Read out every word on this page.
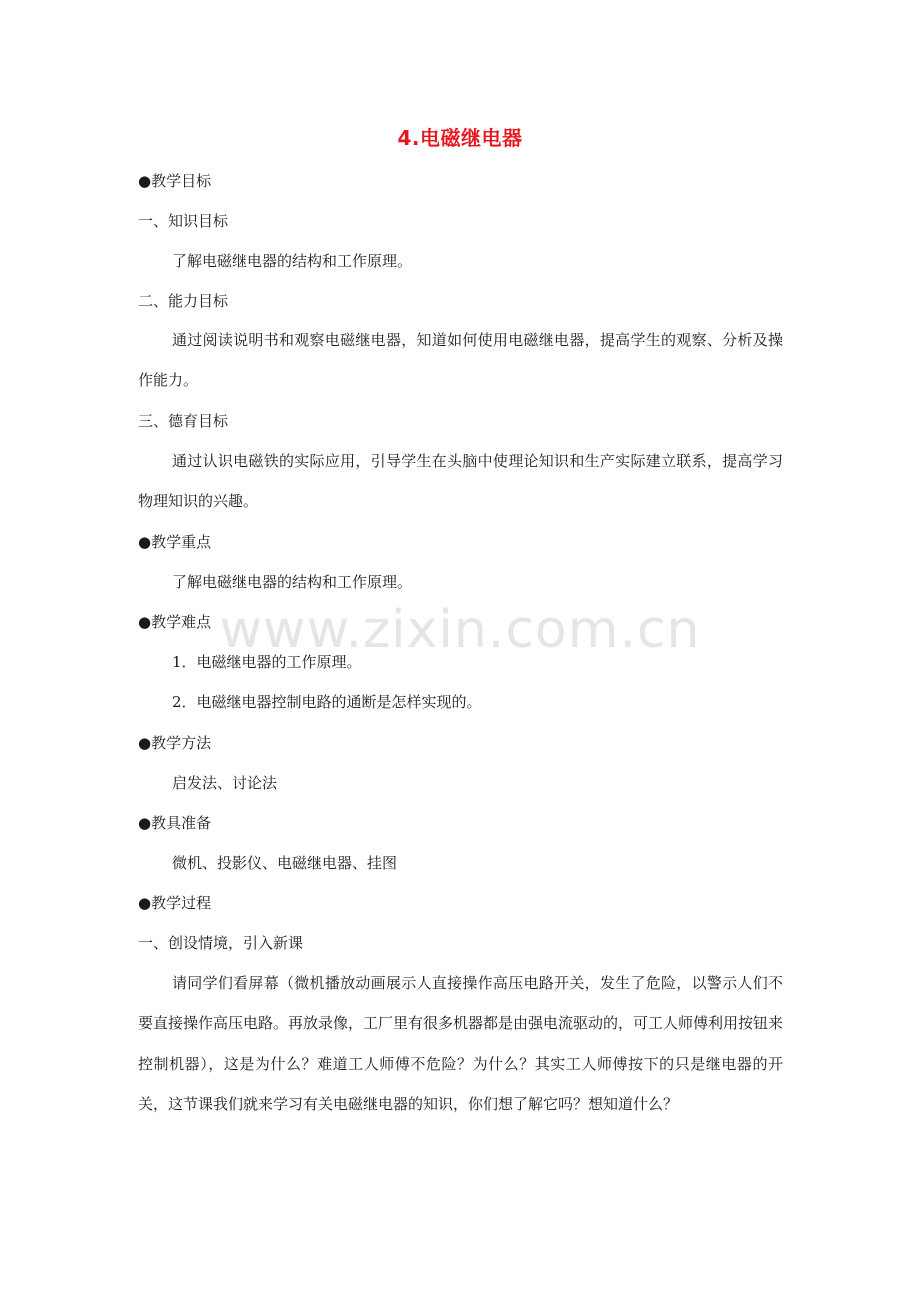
4.电磁继电器
●教学目标
一、知识目标
了解电磁继电器的结构和工作原理。
二、能力目标
通过阅读说明书和观察电磁继电器，知道如何使用电磁继电器，提高学生的观察、分析及操作能力。
三、德育目标
通过认识电磁铁的实际应用，引导学生在头脑中使理论知识和生产实际建立联系，提高学习物理知识的兴趣。
●教学重点
了解电磁继电器的结构和工作原理。
●教学难点
1．电磁继电器的工作原理。
2．电磁继电器控制电路的通断是怎样实现的。
●教学方法
启发法、讨论法
●教具准备
微机、投影仪、电磁继电器、挂图
●教学过程
一、创设情境，引入新课
请同学们看屏幕（微机播放动画展示人直接操作高压电路开关，发生了危险，以警示人们不要直接操作高压电路。再放录像，工厂里有很多机器都是由强电流驱动的，可工人师傅利用按钮来控制机器），这是为什么？难道工人师傅不危险？为什么？其实工人师傅按下的只是继电器的开关，这节课我们就来学习有关电磁继电器的知识，你们想了解它吗？想知道什么？
www.zixin.com.cn
